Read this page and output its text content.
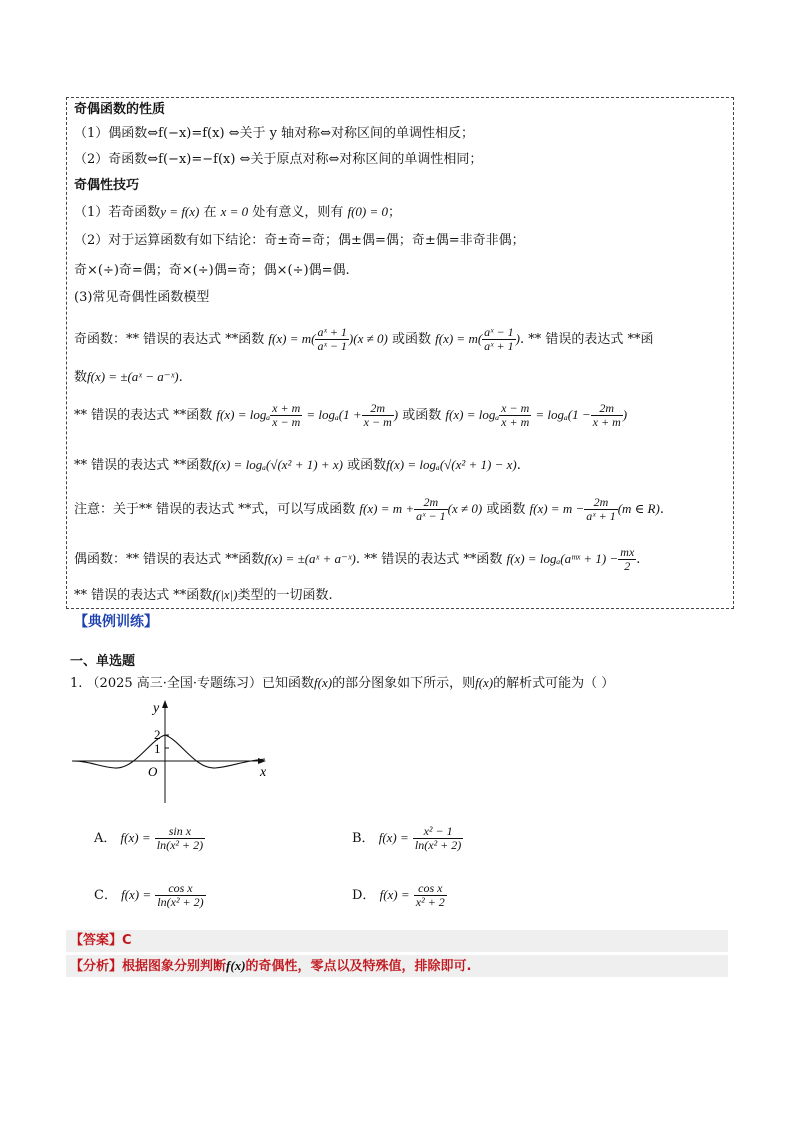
奇偶函数的性质
（1）偶函数⇔f(−x)=f(x) ⇔关于 y 轴对称⇔对称区间的单调性相反；
（2）奇函数⇔f(−x)=−f(x) ⇔关于原点对称⇔对称区间的单调性相同；
奇偶性技巧
（1）若奇函数y = f(x) 在 x = 0 处有意义，则有 f(0) = 0；
（2）对于运算函数有如下结论：奇±奇=奇；偶±偶=偶；奇±偶=非奇非偶；
奇×(÷)奇=偶；奇×(÷)偶=奇；偶×(÷)偶=偶.
(3)常见奇偶性函数模型
奇函数：** 错误的表达式 **函数 $f(x) = m( \frac{\text{aˣ + 1}}{\text{aˣ − 1}} )(x \ne 0)$ 或函数 $f(x) = m( \frac{\text{aˣ − 1}}{\text{aˣ + 1}}$ ). ** 错误的表达式 **函
数f(x) = ±(aˣ − a⁻ˣ).
** 错误的表达式 **函数 f(x) = logₐ $\frac{x + m}{x - m} = \log_a(1 + \frac{2m}{x - m}$ ) 或函数 f(x) = logₐ $\frac{x - m}{x + m} = \log_a(1 - \frac{2m}{x + m}$ )
** 错误的表达式 **函数f(x) = logₐ(√(x² + 1) + x) 或函数f(x) = logₐ(√(x² + 1) − x).
注意：关于** 错误的表达式 **式，可以写成函数 $f(x) = m + \frac{2m}{\text{aˣ − 1}} (x \ne 0)$ 或函数 $f(x) = m - \frac{2m}{\text{aˣ + 1}} (m$ ∈ R).
偶函数：** 错误的表达式 **函数f(x) = ±(aˣ + a⁻ˣ). ** 错误的表达式 **函数 f(x) = logₐ(aᵐˣ + $1) - \frac{mx}{2}$ .
** 错误的表达式 **函数f(|x|)类型的一切函数.
【典例训练】
一、单选题
1. （2025 高三·全国·专题练习）已知函数f(x)的部分图象如下所示，则f(x)的解析式可能为（ ）
y
x
O
2
1
A． $f(x) = \frac{\text{sin x}}{\text{ln(x² + 2)}}$	B． $f(x) = \frac{\text{x² − 1}}{\text{ln(x² + 2)}}$
C． $f(x) = \frac{\text{cos x}}{\text{ln(x² + 2)}}$	D． $f(x) = \frac{\text{cos x}}{\text{x² + 2}}$
【答案】C
【分析】根据图象分别判断f(x)的奇偶性，零点以及特殊值，排除即可.
